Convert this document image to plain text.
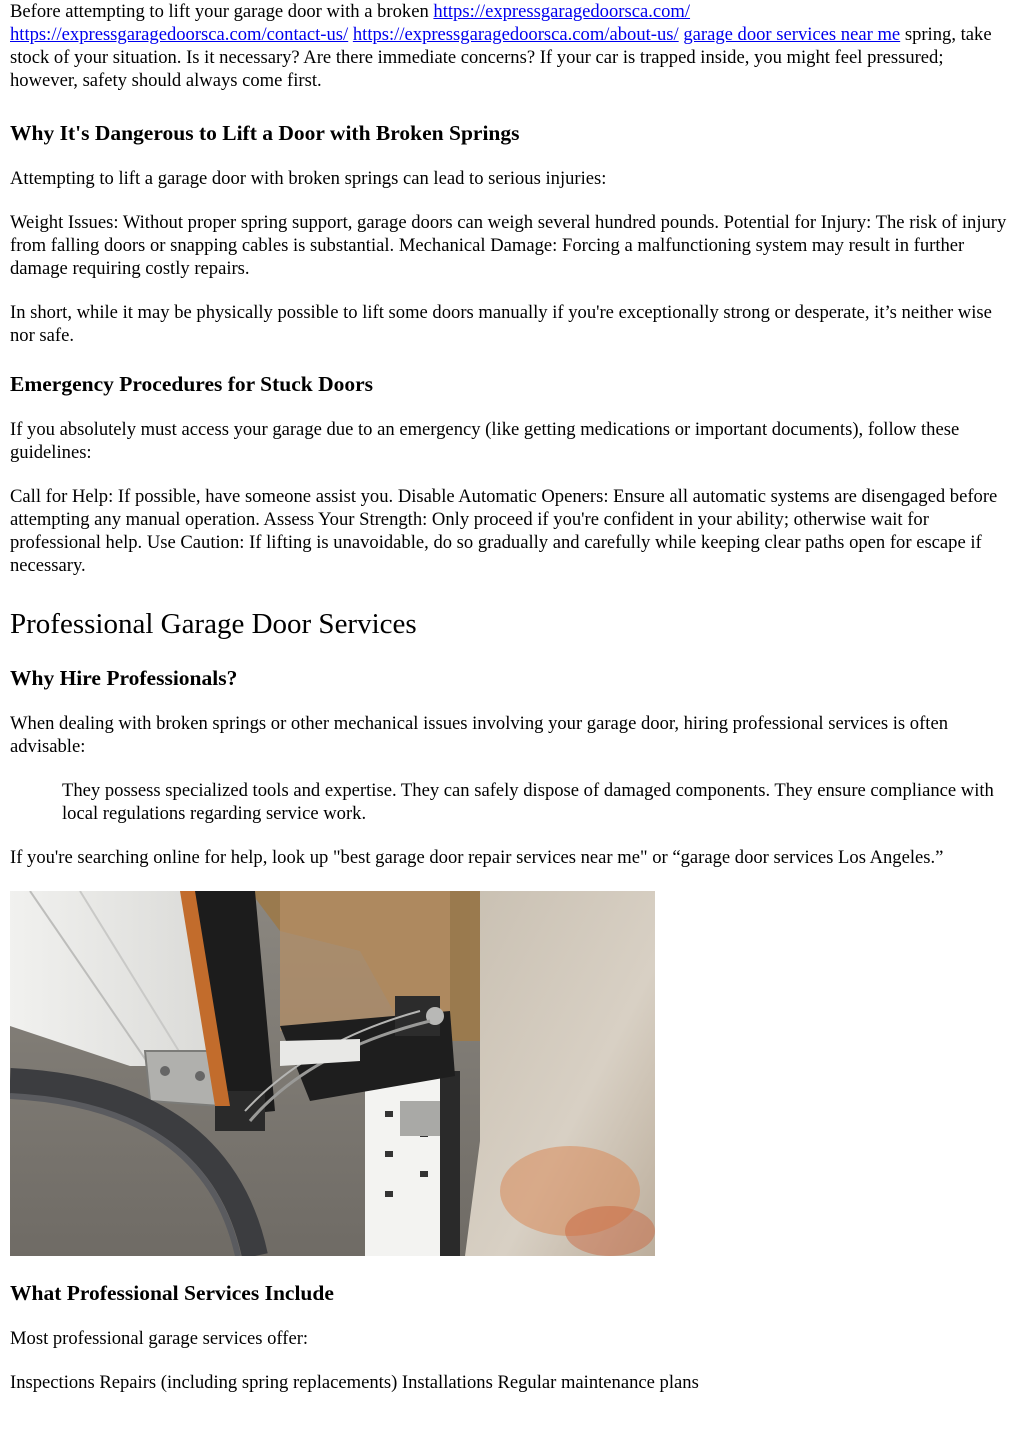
Before attempting to lift your garage door with a broken https://expressgaragedoorsca.com/
https://expressgaragedoorsca.com/contact-us/ https://expressgaragedoorsca.com/about-us/ garage door services near me spring, take stock of your situation. Is it necessary? Are there immediate concerns? If your car is trapped inside, you might feel pressured; however, safety should always come first.

Why It's Dangerous to Lift a Door with Broken Springs

Attempting to lift a garage door with broken springs can lead to serious injuries:

Weight Issues: Without proper spring support, garage doors can weigh several hundred pounds. Potential for Injury: The risk of injury from falling doors or snapping cables is substantial. Mechanical Damage: Forcing a malfunctioning system may result in further damage requiring costly repairs.

In short, while it may be physically possible to lift some doors manually if you're exceptionally strong or desperate, it’s neither wise nor safe.

Emergency Procedures for Stuck Doors

If you absolutely must access your garage due to an emergency (like getting medications or important documents), follow these guidelines:

Call for Help: If possible, have someone assist you. Disable Automatic Openers: Ensure all automatic systems are disengaged before attempting any manual operation. Assess Your Strength: Only proceed if you're confident in your ability; otherwise wait for professional help. Use Caution: If lifting is unavoidable, do so gradually and carefully while keeping clear paths open for escape if necessary.

Professional Garage Door Services
Why Hire Professionals?

When dealing with broken springs or other mechanical issues involving your garage door, hiring professional services is often advisable:

They possess specialized tools and expertise. They can safely dispose of damaged components. They ensure compliance with local regulations regarding service work.

If you're searching online for help, look up "best garage door repair services near me" or “garage door services Los Angeles.”

What Professional Services Include

Most professional garage services offer:

Inspections Repairs (including spring replacements) Installations Regular maintenance plans
